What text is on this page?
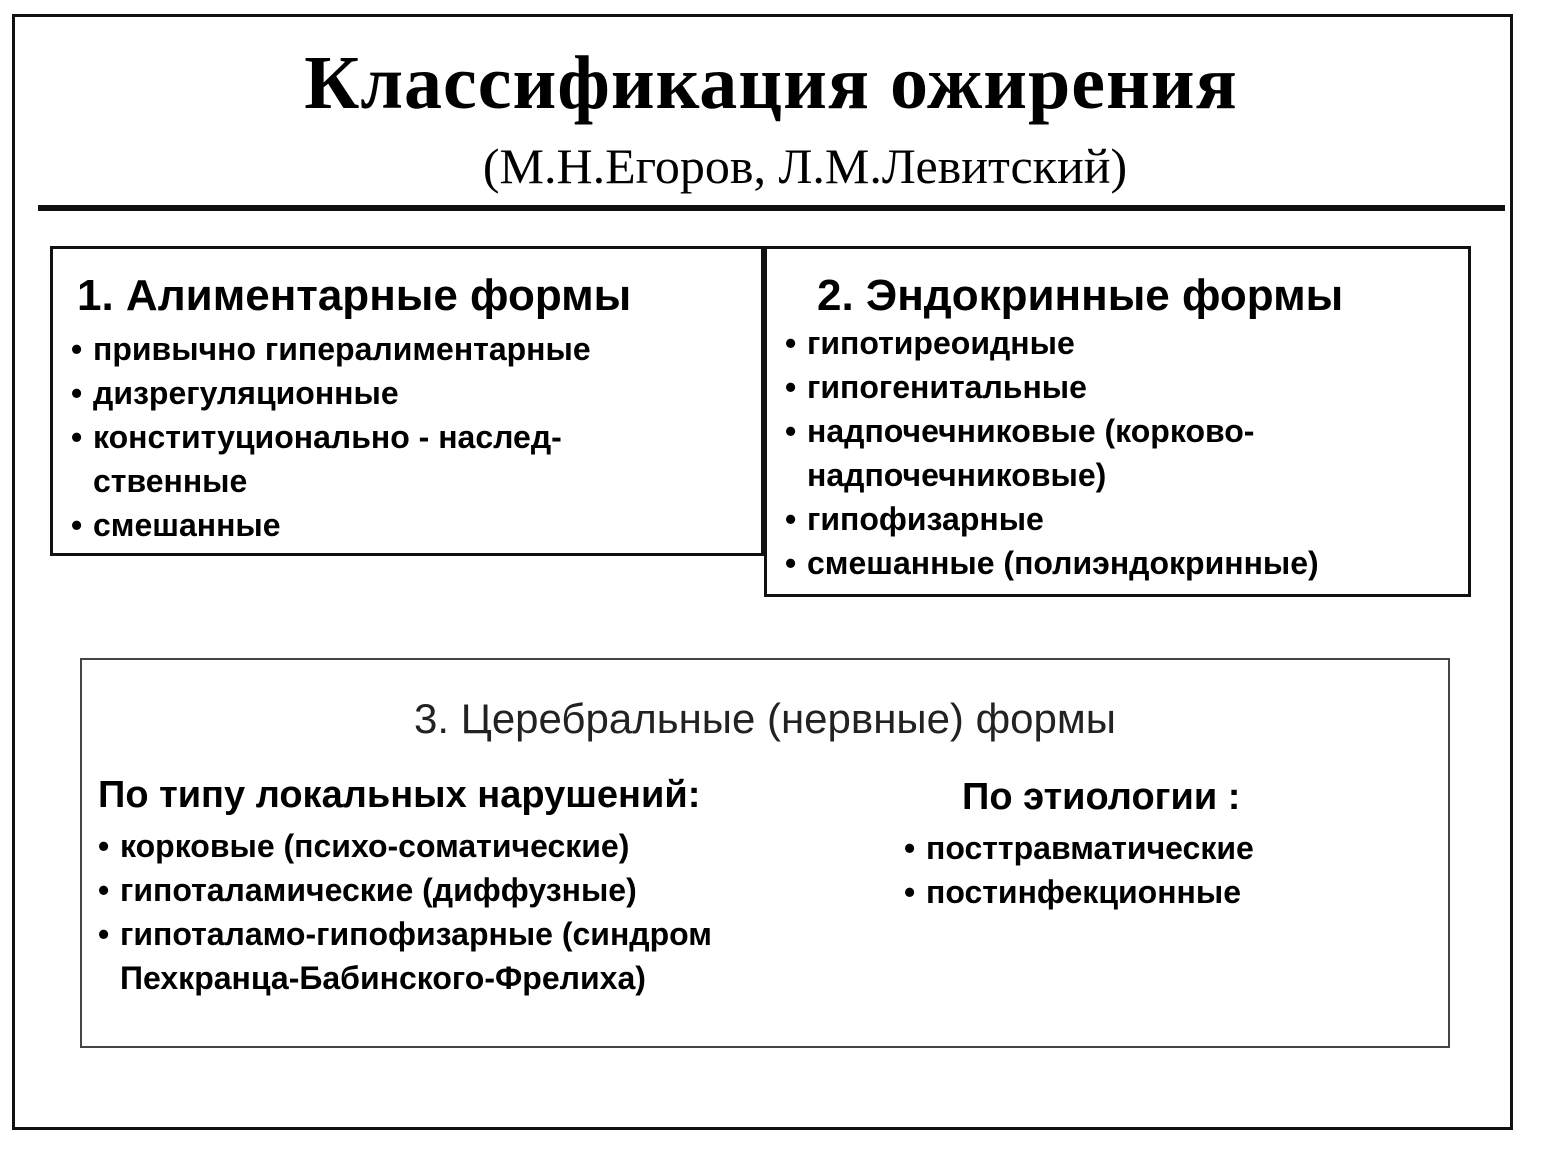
Классификация ожирения
(М.Н.Егоров, Л.М.Левитский)
1. Алиментарные формы
• привычно гипералиментарные
• дизрегуляционные
• конституционально - наслед-ственные
• смешанные
2. Эндокринные формы
• гипотиреоидные
• гипогенитальные
• надпочечниковые (корково- надпочечниковые)
• гипофизарные
• смешанные (полиэндокринные)
3. Церебральные (нервные) формы
По типу локальных нарушений:
• корковые (психо-соматические)
• гипоталамические (диффузные)
• гипоталамо-гипофизарные (синдром Пехкранца-Бабинского-Фрелиха)
По этиологии :
• посттравматические
• постинфекционные
